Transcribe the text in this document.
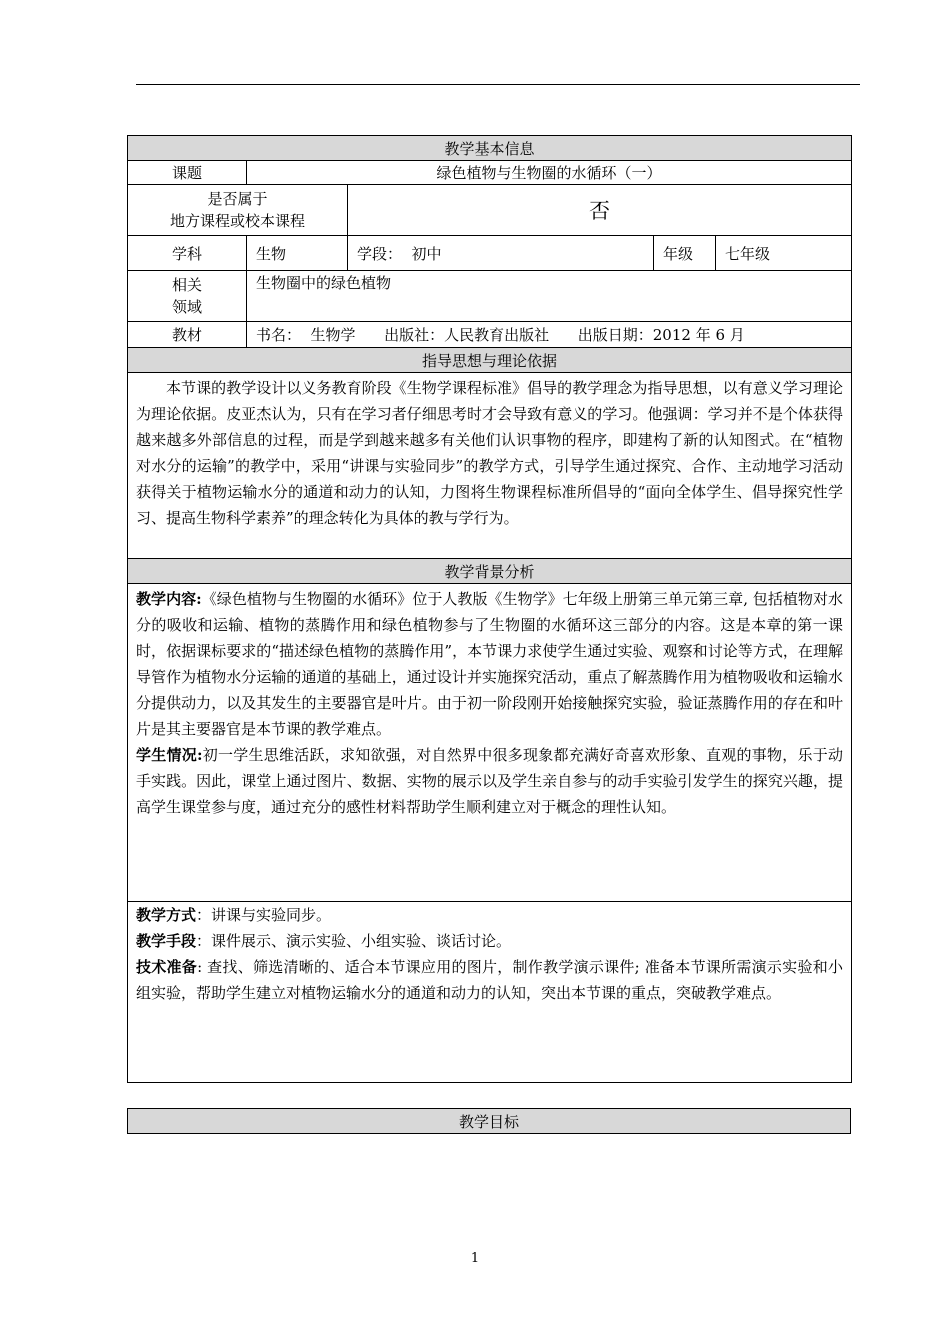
教学基本信息				
课题	绿色植物与生物圈的水循环（一）			

是否属于
地方课程或校本课程		否		
学科	生物	学段：  初中	年级	七年级

相关
领域	生物圈中的绿色植物			
教材	书名：  生物学      出版社：人民教育出版社      出版日期：2012 年 6 月			
指导思想与理论依据				

本节课的教学设计以义务教育阶段《生物学课程标准》倡导的教学理念为指导思想，以有意义学习理论为理论依据。皮亚杰认为，只有在学习者仔细思考时才会导致有意义的学习。他强调：学习并不是个体获得越来越多外部信息的过程，而是学到越来越多有关他们认识事物的程序，即建构了新的认知图式。在“植物对水分的运输”的教学中，采用“讲课与实验同步”的教学方式，引导学生通过探究、合作、主动地学习活动获得关于植物运输水分的通道和动力的认知，力图将生物课程标准所倡导的“面向全体学生、倡导探究性学习、提高生物科学素养”的理念转化为具体的教与学行为。				

教学背景分析				

教学内容:《绿色植物与生物圈的水循环》位于人教版《生物学》七年级上册第三单元第三章, 包括植物对水分的吸收和运输、植物的蒸腾作用和绿色植物参与了生物圈的水循环这三部分的内容。这是本章的第一课时，依据课标要求的“描述绿色植物的蒸腾作用”，本节课力求使学生通过实验、观察和讨论等方式，在理解导管作为植物水分运输的通道的基础上，通过设计并实施探究活动，重点了解蒸腾作用为植物吸收和运输水分提供动力，以及其发生的主要器官是叶片。由于初一阶段刚开始接触探究实验，验证蒸腾作用的存在和叶片是其主要器官是本节课的教学难点。

学生情况:初一学生思维活跃，求知欲强，对自然界中很多现象都充满好奇喜欢形象、直观的事物，乐于动手实践。因此，课堂上通过图片、数据、实物的展示以及学生亲自参与的动手实验引发学生的探究兴趣，提高学生课堂参与度，通过充分的感性材料帮助学生顺利建立对于概念的理性认知。				

教学方式：讲课与实验同步。

教学手段：课件展示、演示实验、小组实验、谈话讨论。

技术准备: 查找、筛选清晰的、适合本节课应用的图片，制作教学演示课件; 准备本节课所需演示实验和小组实验，帮助学生建立对植物运输水分的通道和动力的认知，突出本节课的重点，突破教学难点。				

教学目标
1
